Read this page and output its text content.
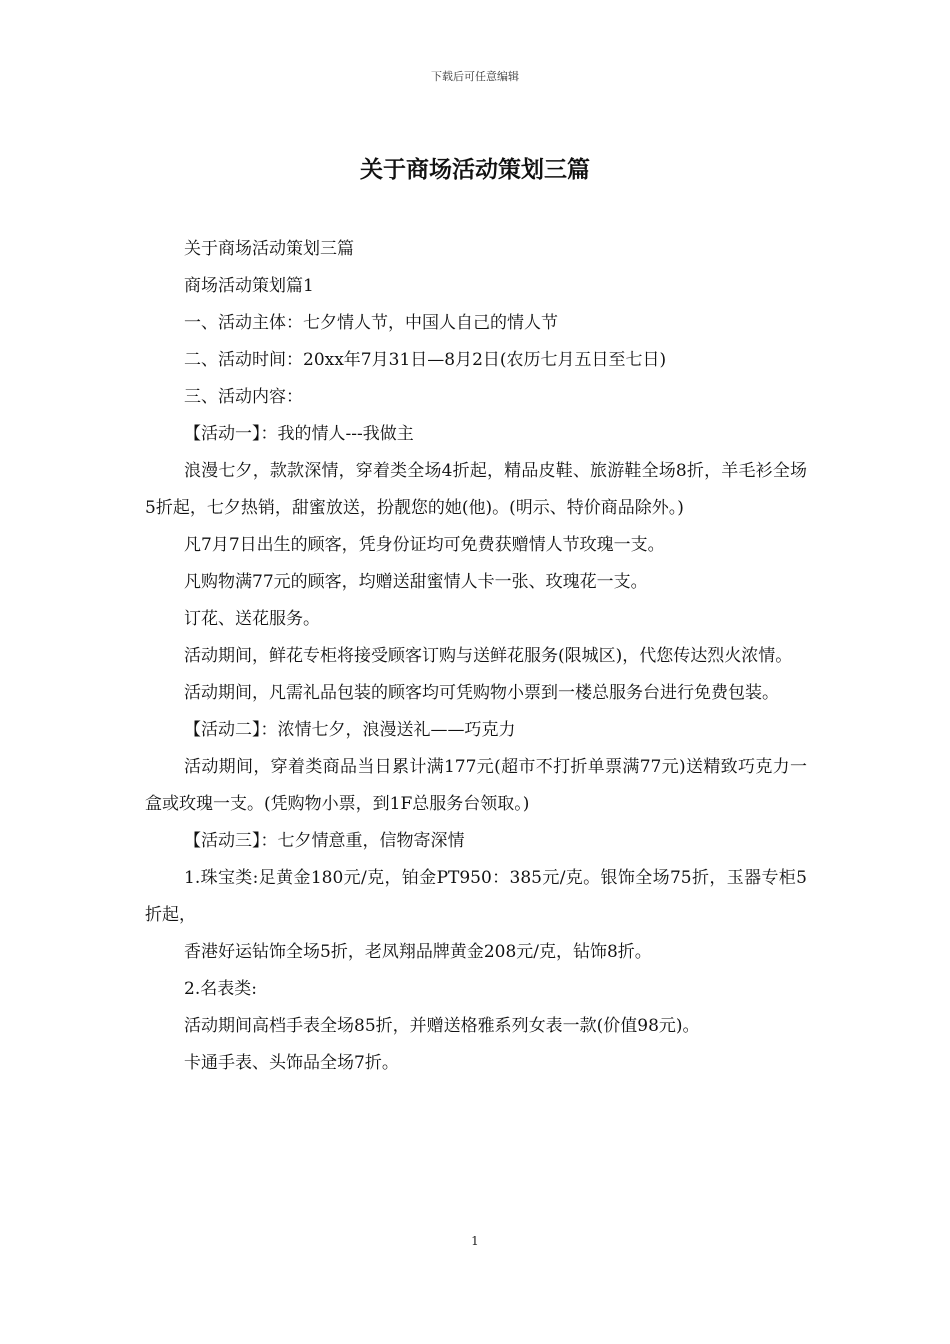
下载后可任意编辑
关于商场活动策划三篇

关于商场活动策划三篇

商场活动策划篇1

一、活动主体：七夕情人节，中国人自己的情人节

二、活动时间：20xx年7月31日—8月2日(农历七月五日至七日)

三、活动内容：

【活动一】：我的情人---我做主

浪漫七夕，款款深情，穿着类全场4折起，精品皮鞋、旅游鞋全场8折，羊毛衫全场5折起，七夕热销，甜蜜放送，扮靓您的她(他)。(明示、特价商品除外。)

凡7月7日出生的顾客，凭身份证均可免费获赠情人节玫瑰一支。

凡购物满77元的顾客，均赠送甜蜜情人卡一张、玫瑰花一支。

订花、送花服务。

活动期间，鲜花专柜将接受顾客订购与送鲜花服务(限城区)，代您传达烈火浓情。

活动期间，凡需礼品包装的顾客均可凭购物小票到一楼总服务台进行免费包装。

【活动二】：浓情七夕，浪漫送礼——巧克力

活动期间，穿着类商品当日累计满177元(超市不打折单票满77元)送精致巧克力一盒或玫瑰一支。(凭购物小票，到1F总服务台领取。)

【活动三】：七夕情意重，信物寄深情

1.珠宝类:足黄金180元/克，铂金PT950：385元/克。银饰全场75折，玉器专柜5折起，

香港好运钻饰全场5折，老凤翔品牌黄金208元/克，钻饰8折。

2.名表类:

活动期间高档手表全场85折，并赠送格雅系列女表一款(价值98元)。

卡通手表、头饰品全场7折。

1
